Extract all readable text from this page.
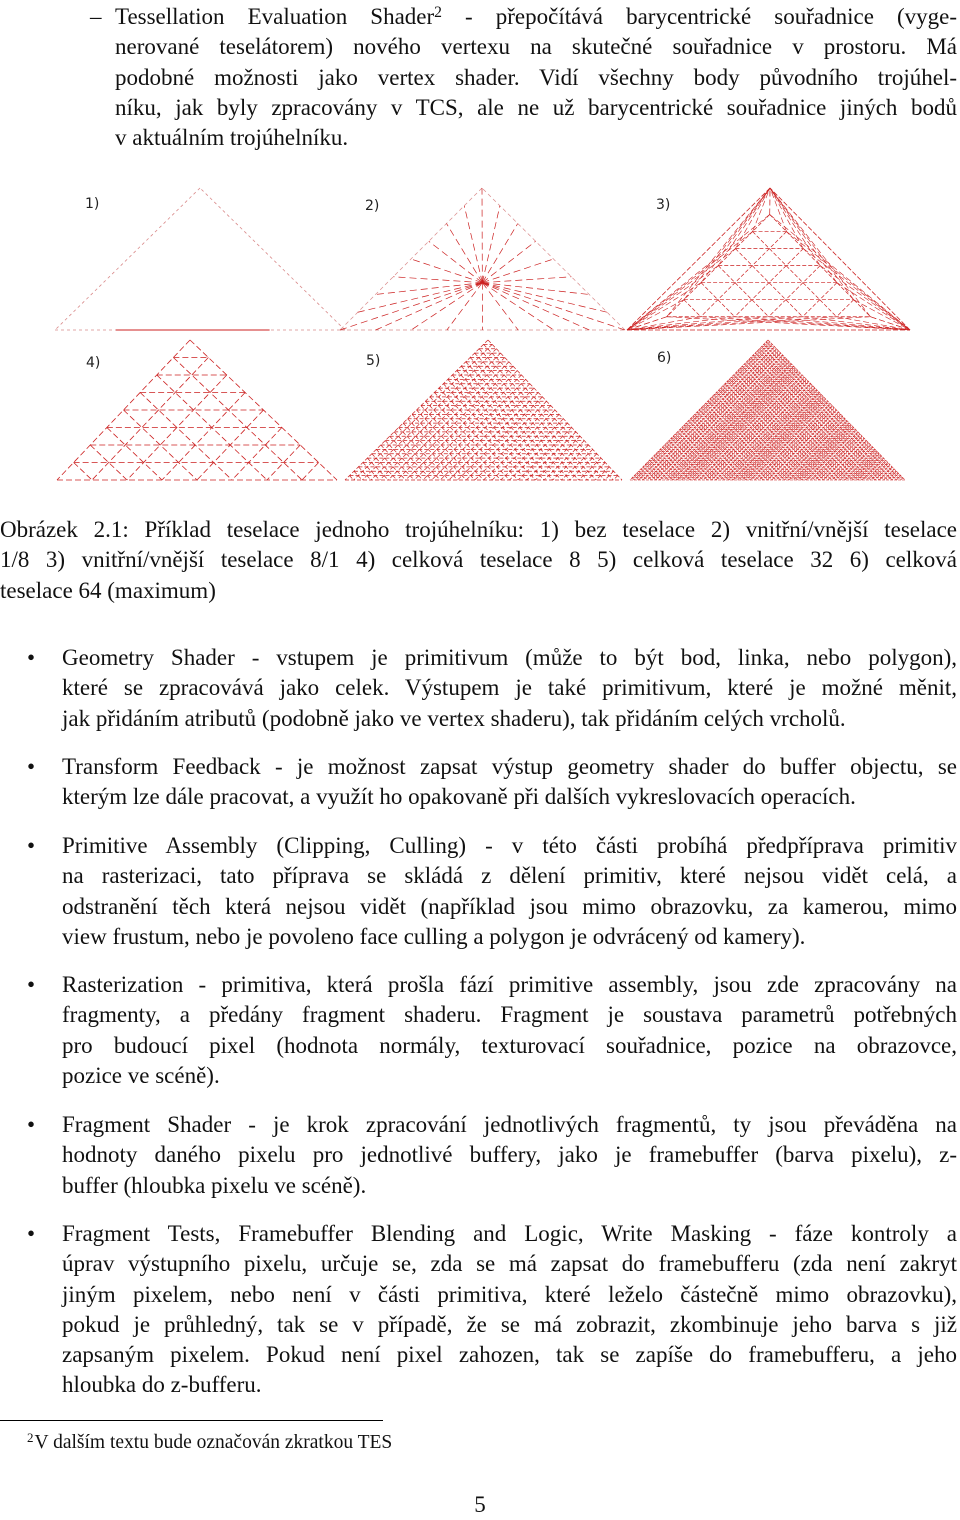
– Tessellation Evaluation Shader$^2$ - přepočítává barycentrické souřadnice (vyge-
nerované teselátorem) nového vertexu na skutečné souřadnice v prostoru. Má
podobné možnosti jako vertex shader. Vidí všechny body původního trojúhel-
níku, jak byly zpracovány v TCS, ale ne už barycentrické souřadnice jiných bodů
v aktuálním trojúhelníku.
1)	2)	3)
4)	5)	6)
Obrázek 2.1: Příklad teselace jednoho trojúhelníku: 1) bez teselace 2) vnitřní/vnější teselace
1/8 3) vnitřní/vnější teselace 8/1 4) celková teselace 8 5) celková teselace 32 6) celková
teselace 64 (maximum)
• Geometry Shader - vstupem je primitivum (může to být bod, linka, nebo polygon),
které se zpracovává jako celek. Výstupem je také primitivum, které je možné měnit,
jak přidáním atributů (podobně jako ve vertex shaderu), tak přidáním celých vrcholů.
• Transform Feedback - je možnost zapsat výstup geometry shader do buffer objectu, se
kterým lze dále pracovat, a využít ho opakovaně při dalších vykreslovacích operacích.
• Primitive Assembly (Clipping, Culling) - v této části probíhá předpříprava primitiv
na rasterizaci, tato příprava se skládá z dělení primitiv, které nejsou vidět celá, a
odstranění těch která nejsou vidět (například jsou mimo obrazovku, za kamerou, mimo
view frustum, nebo je povoleno face culling a polygon je odvrácený od kamery).
• Rasterization - primitiva, která prošla fází primitive assembly, jsou zde zpracovány na
fragmenty, a předány fragment shaderu. Fragment je soustava parametrů potřebných
pro budoucí pixel (hodnota normály, texturovací souřadnice, pozice na obrazovce,
pozice ve scéně).
• Fragment Shader - je krok zpracování jednotlivých fragmentů, ty jsou převáděna na
hodnoty daného pixelu pro jednotlivé buffery, jako je framebuffer (barva pixelu), z-
buffer (hloubka pixelu ve scéně).
• Fragment Tests, Framebuffer Blending and Logic, Write Masking - fáze kontroly a
úprav výstupního pixelu, určuje se, zda se má zapsat do framebufferu (zda není zakryt
jiným pixelem, nebo není v části primitiva, které leželo částečně mimo obrazovku),
pokud je průhledný, tak se v případě, že se má zobrazit, zkombinuje jeho barva s již
zapsaným pixelem. Pokud není pixel zahozen, tak se zapíše do framebufferu, a jeho
hloubka do z-bufferu.
$^2$V dalším textu bude označován zkratkou TES
5
